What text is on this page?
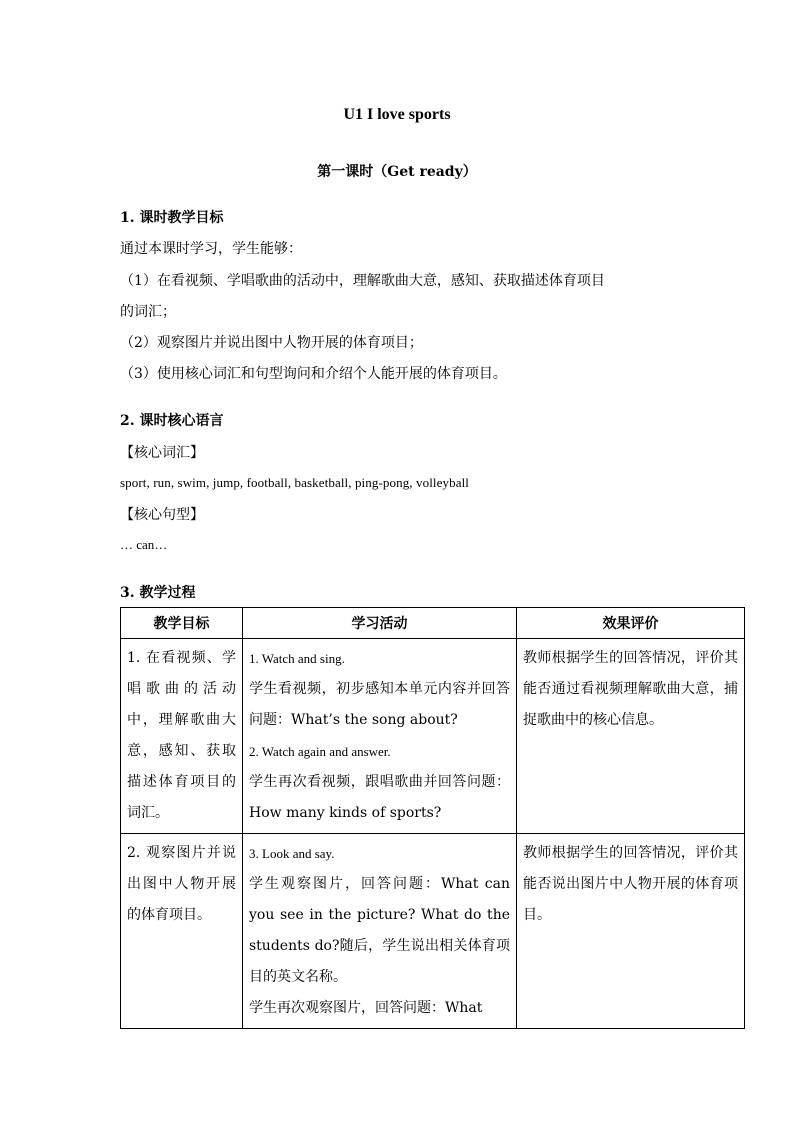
U1 I love sports
第一课时（Get ready）
1. 课时教学目标
通过本课时学习，学生能够：
（1）在看视频、学唱歌曲的活动中，理解歌曲大意，感知、获取描述体育项目
的词汇；
（2）观察图片并说出图中人物开展的体育项目；
（3）使用核心词汇和句型询问和介绍个人能开展的体育项目。
2. 课时核心语言
【核心词汇】
sport, run, swim, jump, football, basketball, ping-pong, volleyball
【核心句型】
… can…
3. 教学过程
教学目标	学习活动	效果评价
1. 在看视频、学唱歌曲的活动中，理解歌曲大意，感知、获取描述体育项目的词汇。	1. Watch and sing.
学生看视频，初步感知本单元内容并回答问题：What’s the song about?
2. Watch again and answer.
学生再次看视频，跟唱歌曲并回答问题：How many kinds of sports?	教师根据学生的回答情况，评价其能否通过看视频理解歌曲大意，捕捉歌曲中的核心信息。
2. 观察图片并说出图中人物开展的体育项目。	3. Look and say.
学生观察图片，回答问题：What can you see in the picture? What do the students do?随后，学生说出相关体育项目的英文名称。
学生再次观察图片，回答问题：What	教师根据学生的回答情况，评价其能否说出图片中人物开展的体育项目。
